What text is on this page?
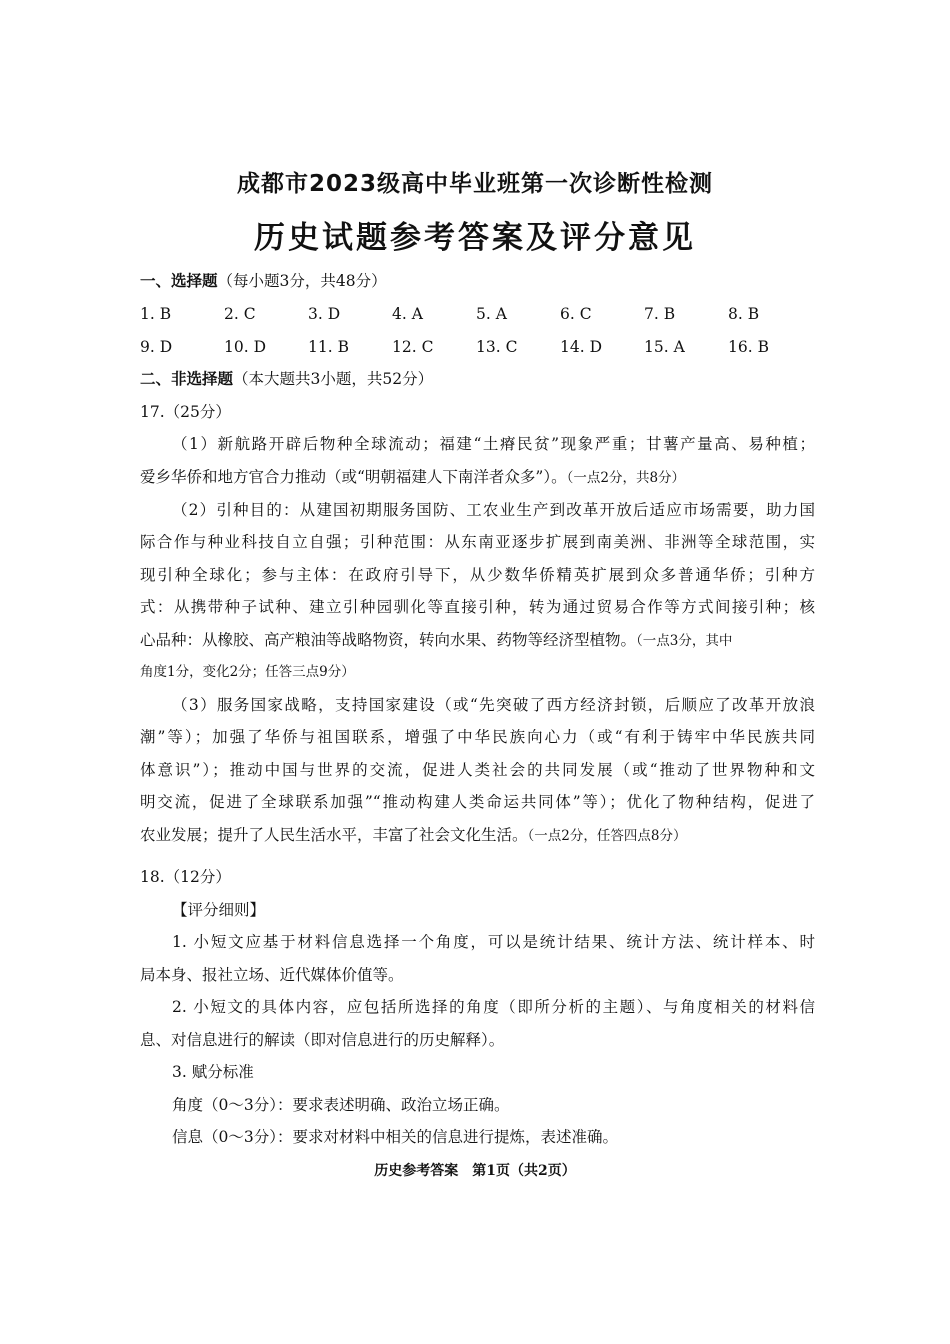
成都市2023级高中毕业班第一次诊断性检测
历史试题参考答案及评分意见
一、选择题（每小题3分，共48分）
1. B	2. C	3. D	4. A	5. A	6. C	7. B	8. B
9. D	10. D	11. B	12. C	13. C	14. D	15. A	16. B
二、非选择题（本大题共3小题，共52分）
17.（25分）
（1）新航路开辟后物种全球流动；福建“土瘠民贫”现象严重；甘薯产量高、易种植；
爱乡华侨和地方官合力推动（或“明朝福建人下南洋者众多”）。（一点2分，共8分）
（2）引种目的：从建国初期服务国防、工农业生产到改革开放后适应市场需要，助力国
际合作与种业科技自立自强；引种范围：从东南亚逐步扩展到南美洲、非洲等全球范围，实
现引种全球化；参与主体：在政府引导下，从少数华侨精英扩展到众多普通华侨；引种方
式：从携带种子试种、建立引种园驯化等直接引种，转为通过贸易合作等方式间接引种；核
心品种：从橡胶、高产粮油等战略物资，转向水果、药物等经济型植物。（一点3分，其中
角度1分，变化2分；任答三点9分）
（3）服务国家战略，支持国家建设（或“先突破了西方经济封锁，后顺应了改革开放浪
潮”等）；加强了华侨与祖国联系，增强了中华民族向心力（或“有利于铸牢中华民族共同
体意识”）；推动中国与世界的交流，促进人类社会的共同发展（或“推动了世界物种和文
明交流，促进了全球联系加强”“推动构建人类命运共同体”等）；优化了物种结构，促进了
农业发展；提升了人民生活水平，丰富了社会文化生活。（一点2分，任答四点8分）
18.（12分）
【评分细则】
1. 小短文应基于材料信息选择一个角度，可以是统计结果、统计方法、统计样本、时
局本身、报社立场、近代媒体价值等。
2. 小短文的具体内容，应包括所选择的角度（即所分析的主题）、与角度相关的材料信
息、对信息进行的解读（即对信息进行的历史解释）。
3. 赋分标准
角度（0～3分）：要求表述明确、政治立场正确。
信息（0～3分）：要求对材料中相关的信息进行提炼，表述准确。
历史参考答案　第1页（共2页）
